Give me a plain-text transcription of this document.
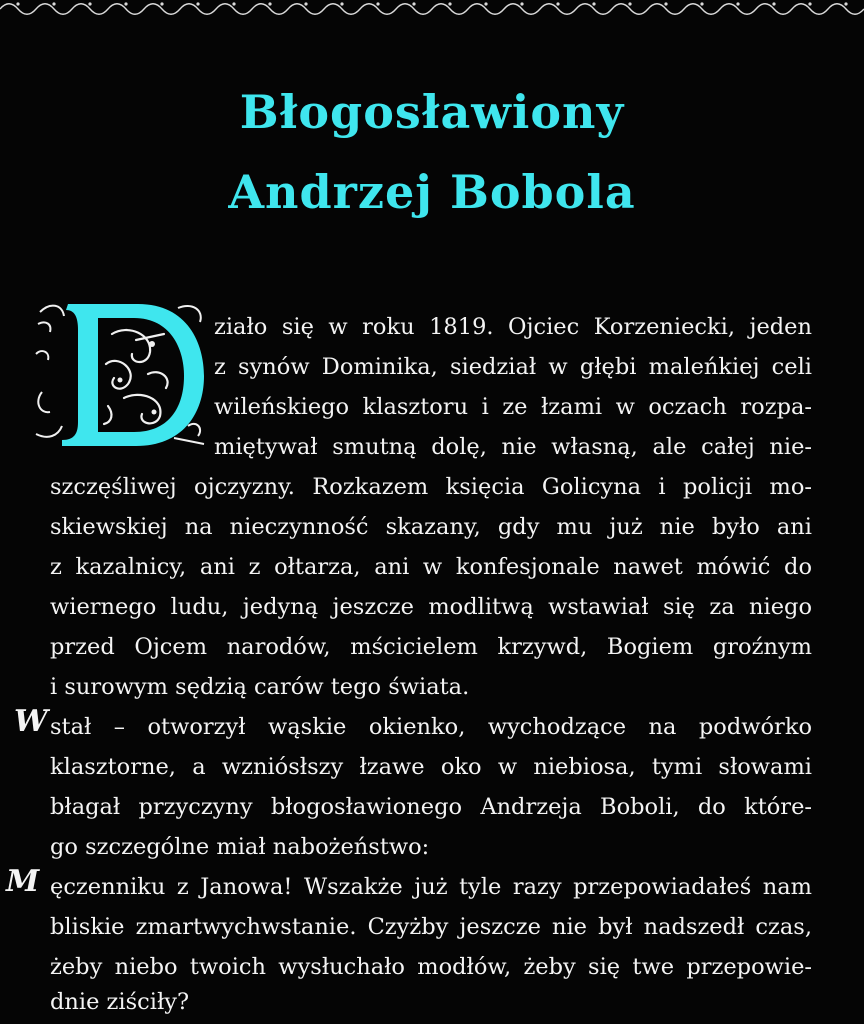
Błogosławiony
Andrzej Bobola
ziało się w roku 1819. Ojciec Korzeniecki, jeden
z synów Dominika, siedział w głębi maleńkiej celi
wileńskiego klasztoru i ze łzami w oczach rozpa-
miętywał smutną dolę, nie własną, ale całej nie-
szczęśliwej ojczyzny. Rozkazem księcia Golicyna i policji mo-
skiewskiej na nieczynność skazany, gdy mu już nie było ani
z kazalnicy, ani z ołtarza, ani w konfesjonale nawet mówić do
wiernego ludu, jedyną jeszcze modlitwą wstawiał się za niego
przed Ojcem narodów, mścicielem krzywd, Bogiem groźnym
i surowym sędzią carów tego świata.
W stał – otworzył wąskie okienko, wychodzące na podwórko
klasztorne, a wzniósłszy łzawe oko w niebiosa, tymi słowami
błagał przyczyny błogosławionego Andrzeja Boboli, do które-
go szczególne miał nabożeństwo:
M ęczenniku z Janowa! Wszakże już tyle razy przepowiadałeś nam
bliskie zmartwychwstanie. Czyżby jeszcze nie był nadszedł czas,
żeby niebo twoich wysłuchało modłów, żeby się twe przepowie-
dnie ziściły?
